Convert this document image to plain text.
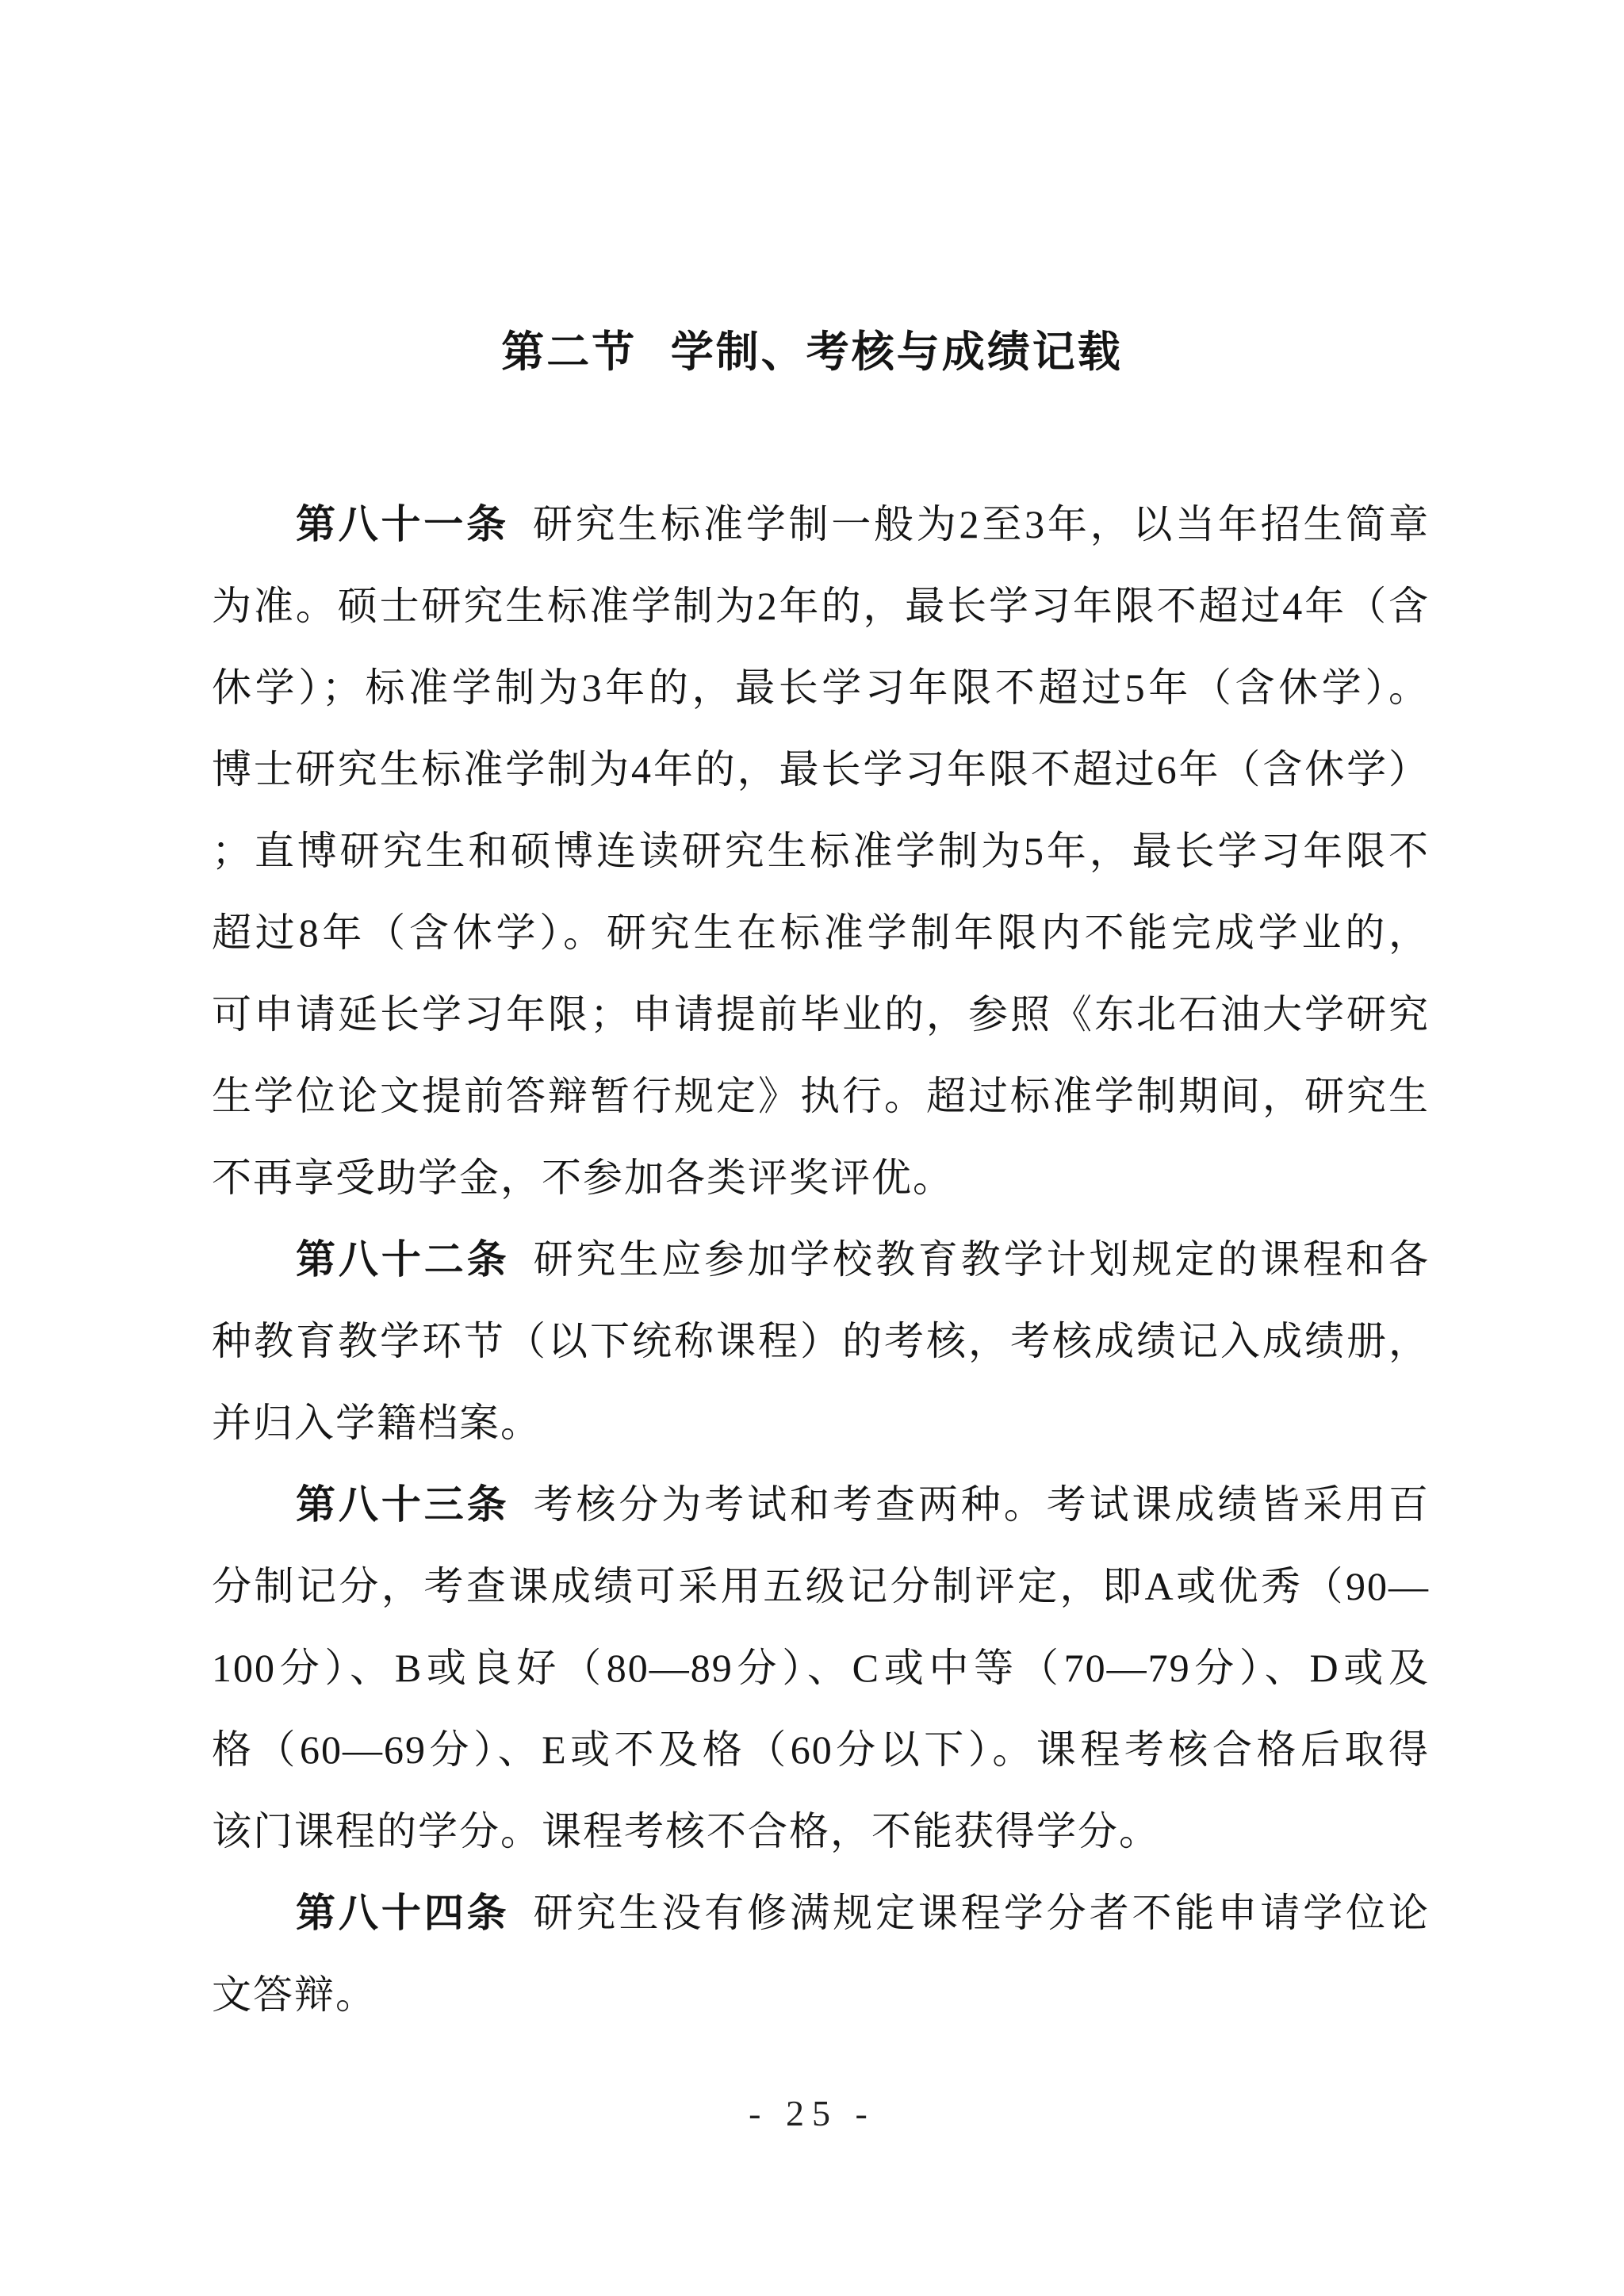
第二节 学制、考核与成绩记载
第八十一条 研究生标准学制一般为2至3年，以当年招生简章
为准。硕士研究生标准学制为2年的，最长学习年限不超过4年（含
休学）；标准学制为3年的，最长学习年限不超过5年（含休学）。
博士研究生标准学制为4年的，最长学习年限不超过6年（含休学）
；直博研究生和硕博连读研究生标准学制为5年，最长学习年限不
超过8年（含休学）。研究生在标准学制年限内不能完成学业的，
可申请延长学习年限；申请提前毕业的，参照《东北石油大学研究
生学位论文提前答辩暂行规定》执行。超过标准学制期间，研究生
不再享受助学金，不参加各类评奖评优。
第八十二条 研究生应参加学校教育教学计划规定的课程和各
种教育教学环节（以下统称课程）的考核，考核成绩记入成绩册，
并归入学籍档案。
第八十三条 考核分为考试和考查两种。考试课成绩皆采用百
分制记分，考查课成绩可采用五级记分制评定，即A或优秀（90—
100分）、B或良好（80—89分）、C或中等（70—79分）、D或及
格（60—69分）、E或不及格（60分以下）。课程考核合格后取得
该门课程的学分。课程考核不合格，不能获得学分。
第八十四条 研究生没有修满规定课程学分者不能申请学位论
文答辩。
- 25 -
